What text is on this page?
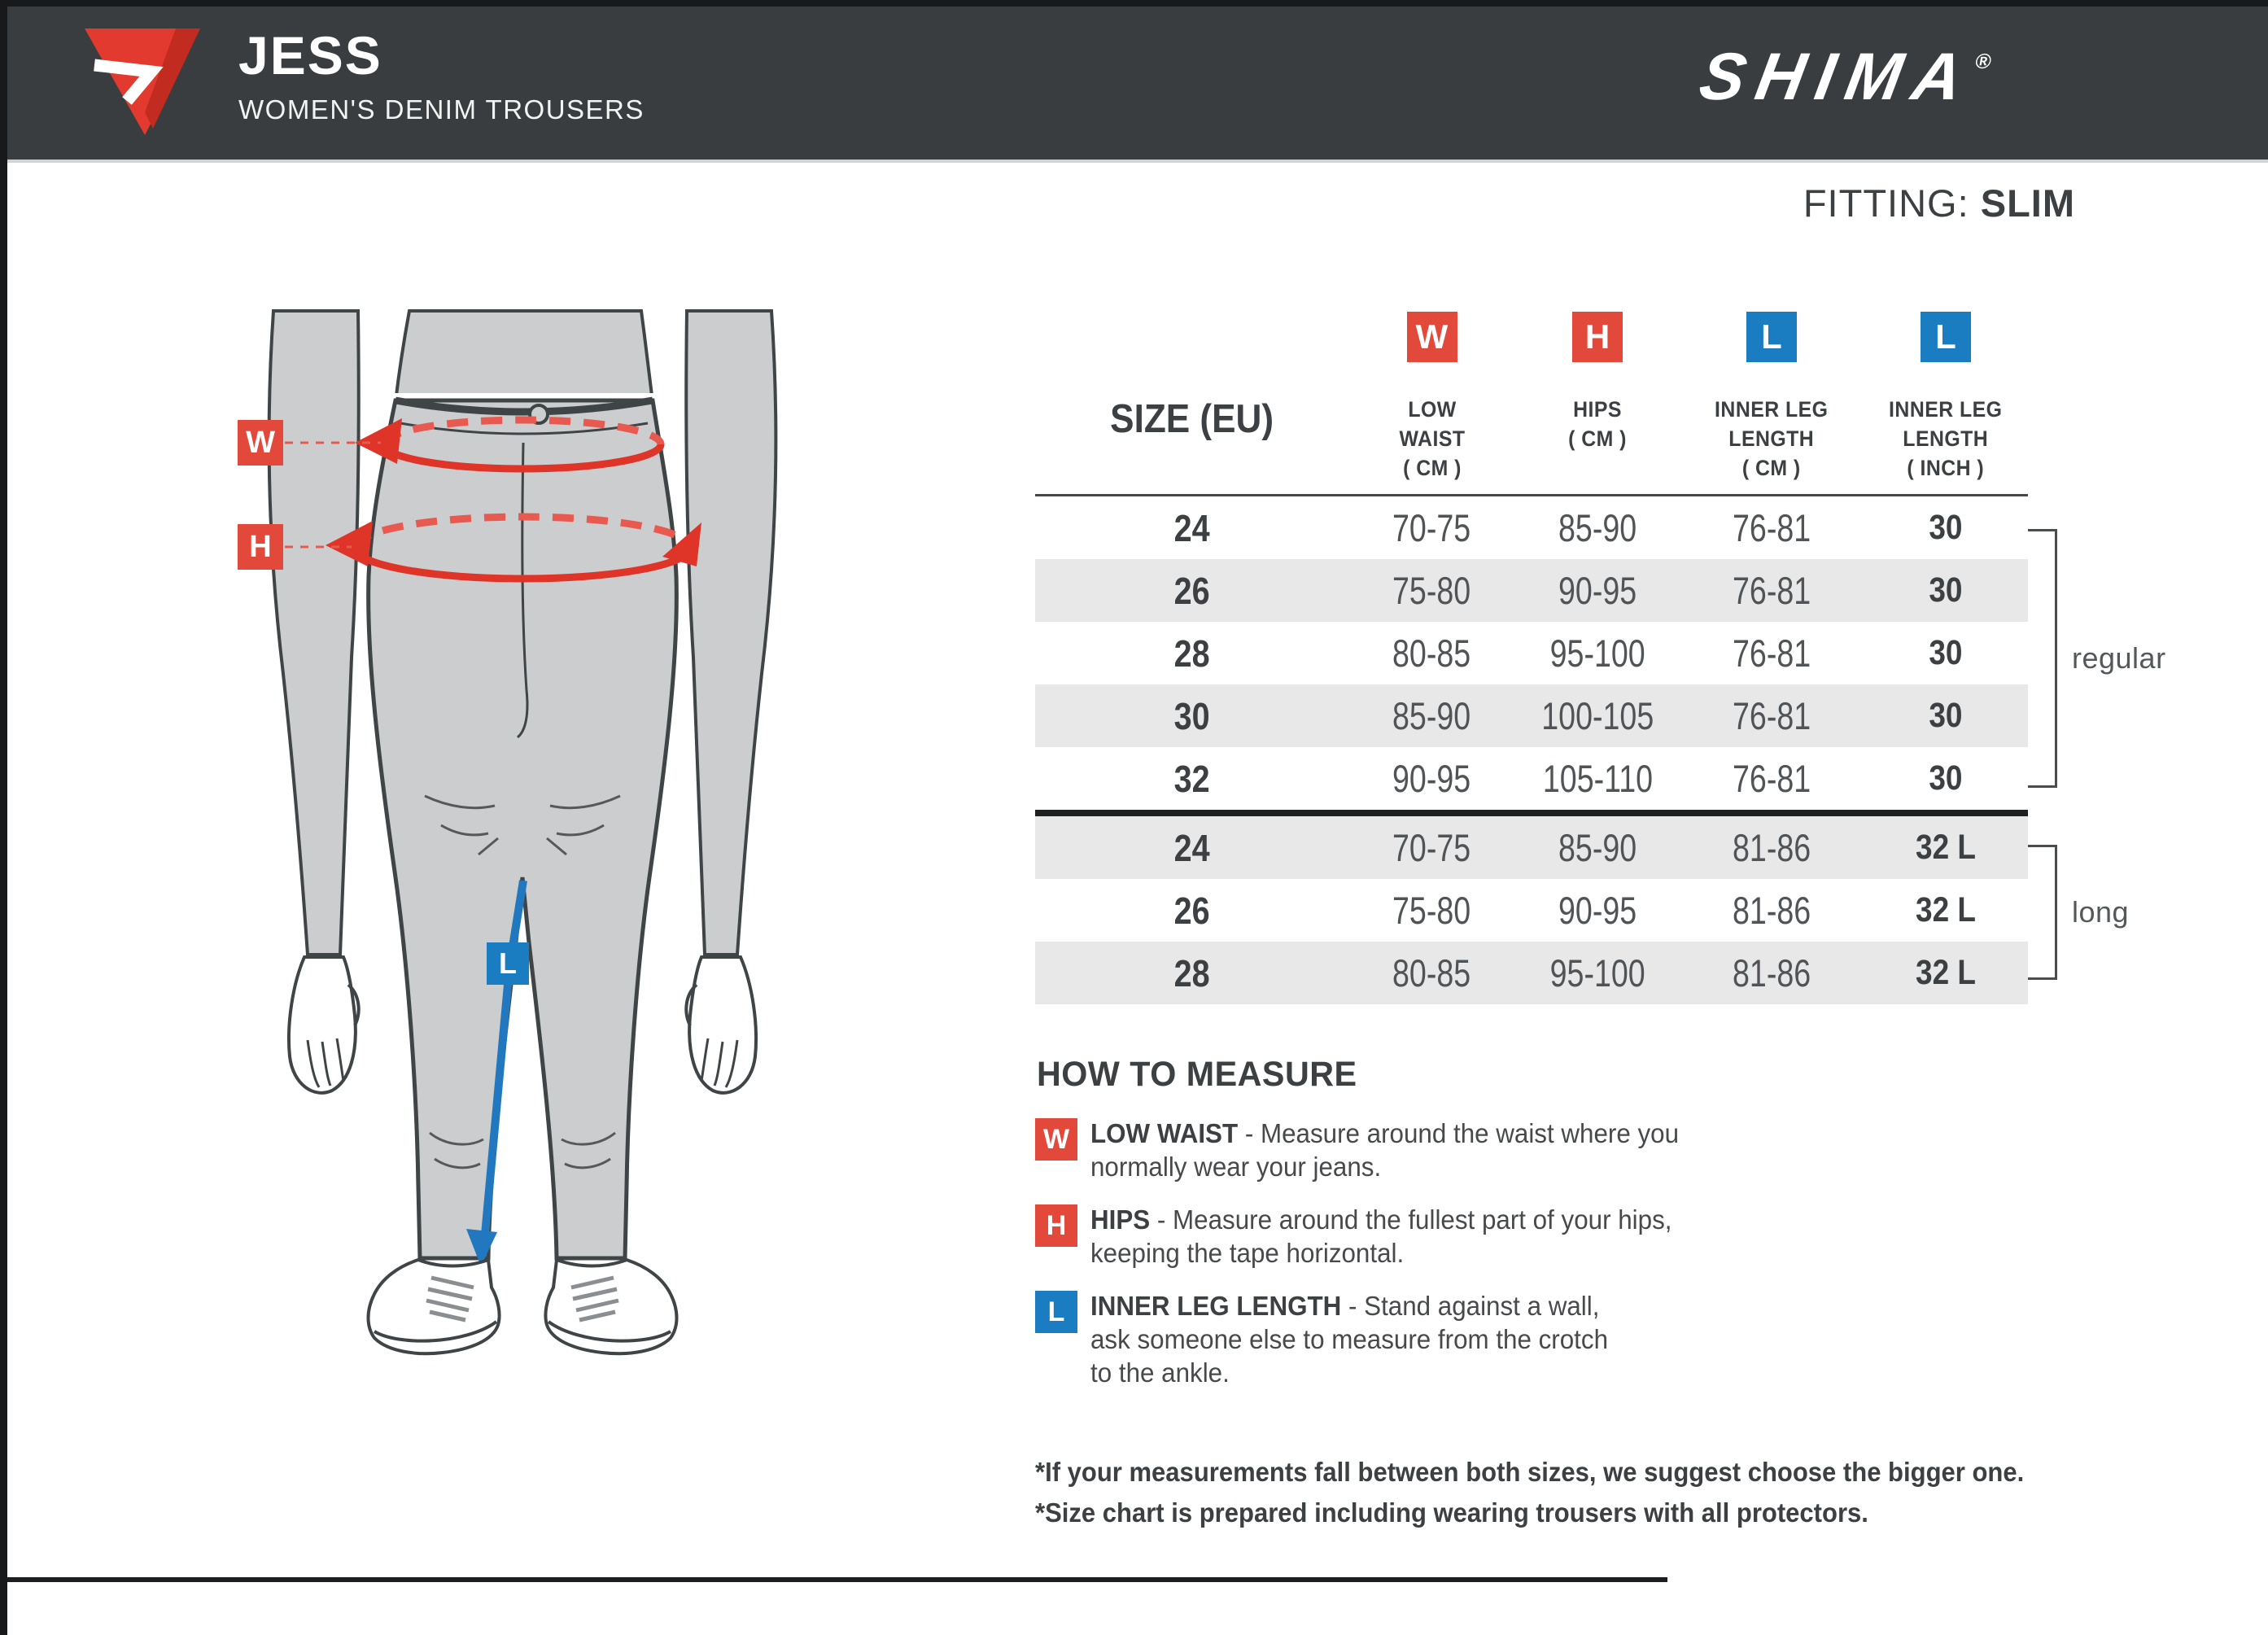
JESS
WOMEN'S DENIM TROUSERS	SHIMA®
FITTING: SLIM
W
H
L
SIZE (EU)
W
LOW
WAIST
( CM )
H
HIPS
( CM )
L
INNER LEG
LENGTH
( CM )
L
INNER LEG
LENGTH
( INCH )
24	70-75	85-90	76-81	30
26	75-80	90-95	76-81	30
28	80-85	95-100	76-81	30
30	85-90	100-105	76-81	30
32	90-95	105-110	76-81	30
24	70-75	85-90	81-86	32 L
26	75-80	90-95	81-86	32 L
28	80-85	95-100	81-86	32 L
regular
long
HOW TO MEASURE
W LOW WAIST - Measure around the waist where you
normally wear your jeans.
H HIPS - Measure around the fullest part of your hips,
keeping the tape horizontal.
L INNER LEG LENGTH - Stand against a wall,
ask someone else to measure from the crotch
to the ankle.
*If your measurements fall between both sizes, we suggest choose the bigger one.
*Size chart is prepared including wearing trousers with all protectors.
